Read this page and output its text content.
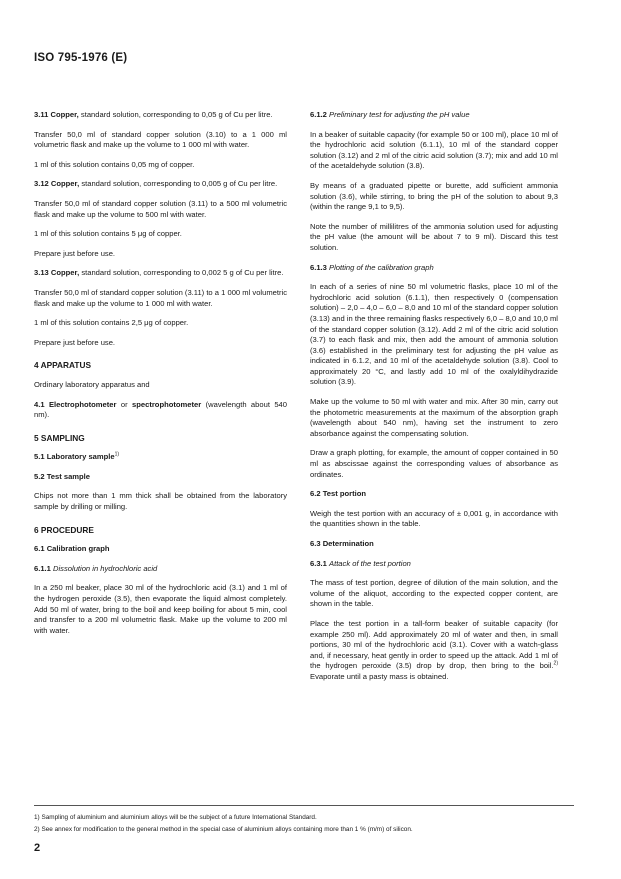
ISO 795-1976 (E)

3.11 Copper, standard solution, corresponding to 0,05 g of Cu per litre.

Transfer 50,0 ml of standard copper solution (3.10) to a 1 000 ml volumetric flask and make up the volume to 1 000 ml with water.

1 ml of this solution contains 0,05 mg of copper.

3.12 Copper, standard solution, corresponding to 0,005 g of Cu per litre.

Transfer 50,0 ml of standard copper solution (3.11) to a 500 ml volumetric flask and make up the volume to 500 ml with water.

1 ml of this solution contains 5 μg of copper.

Prepare just before use.

3.13 Copper, standard solution, corresponding to 0,002 5 g of Cu per litre.

Transfer 50,0 ml of standard copper solution (3.11) to a 1 000 ml volumetric flask and make up the volume to 1 000 ml with water.

1 ml of this solution contains 2,5 μg of copper.

Prepare just before use.

4 APPARATUS

Ordinary laboratory apparatus and

4.1 Electrophotometer or spectrophotometer (wavelength about 540 nm).

5 SAMPLING

5.1 Laboratory sample$^{1)}$

5.2 Test sample

Chips not more than 1 mm thick shall be obtained from the laboratory sample by drilling or milling.

6 PROCEDURE

6.1 Calibration graph

6.1.1 Dissolution in hydrochloric acid

In a 250 ml beaker, place 30 ml of the hydrochloric acid (3.1) and 1 ml of the hydrogen peroxide (3.5), then evaporate the liquid almost completely. Add 50 ml of water, bring to the boil and keep boiling for about 5 min, cool and transfer to a 200 ml volumetric flask. Make up the volume to 200 ml with water.

6.1.2 Preliminary test for adjusting the pH value

In a beaker of suitable capacity (for example 50 or 100 ml), place 10 ml of the hydrochloric acid solution (6.1.1), 10 ml of the standard copper solution (3.12) and 2 ml of the citric acid solution (3.7); mix and add 10 ml of the acetaldehyde solution (3.8).

By means of a graduated pipette or burette, add sufficient ammonia solution (3.6), while stirring, to bring the pH of the solution to about 9,3 (within the range 9,1 to 9,5).

Note the number of millilitres of the ammonia solution used for adjusting the pH value (the amount will be about 7 to 9 ml). Discard this test solution.

6.1.3 Plotting of the calibration graph

In each of a series of nine 50 ml volumetric flasks, place 10 ml of the hydrochloric acid solution (6.1.1), then respectively 0 (compensation solution) – 2,0 – 4,0 – 6,0 – 8,0 and 10 ml of the standard copper solution (3.13) and in the three remaining flasks respectively 6,0 – 8,0 and 10,0 ml of the standard copper solution (3.12). Add 2 ml of the citric acid solution (3.7) to each flask and mix, then add the amount of ammonia solution (3.6) established in the preliminary test for adjusting the pH value as indicated in 6.1.2, and 10 ml of the acetaldehyde solution (3.8). Cool to approximately 20 °C, and lastly add 10 ml of the oxalyldihydrazide solution (3.9).

Make up the volume to 50 ml with water and mix. After 30 min, carry out the photometric measurements at the maximum of the absorption graph (wavelength about 540 nm), having set the instrument to zero absorbance against the compensating solution.

Draw a graph plotting, for example, the amount of copper contained in 50 ml as abscissae against the corresponding values of absorbance as ordinates.

6.2 Test portion

Weigh the test portion with an accuracy of ± 0,001 g, in accordance with the quantities shown in the table.

6.3 Determination

6.3.1 Attack of the test portion

The mass of test portion, degree of dilution of the main solution, and the volume of the aliquot, according to the expected copper content, are shown in the table.

Place the test portion in a tall-form beaker of suitable capacity (for example 250 ml). Add approximately 20 ml of water and then, in small portions, 30 ml of the hydrochloric acid (3.1). Cover with a watch-glass and, if necessary, heat gently in order to speed up the attack. Add 1 ml of the hydrogen peroxide (3.5) drop by drop, then bring to the boil.$^{2)}$ Evaporate until a pasty mass is obtained.

1) Sampling of aluminium and aluminium alloys will be the subject of a future International Standard.
2) See annex for modification to the general method in the special case of aluminium alloys containing more than 1 % (m/m) of silicon.
2
